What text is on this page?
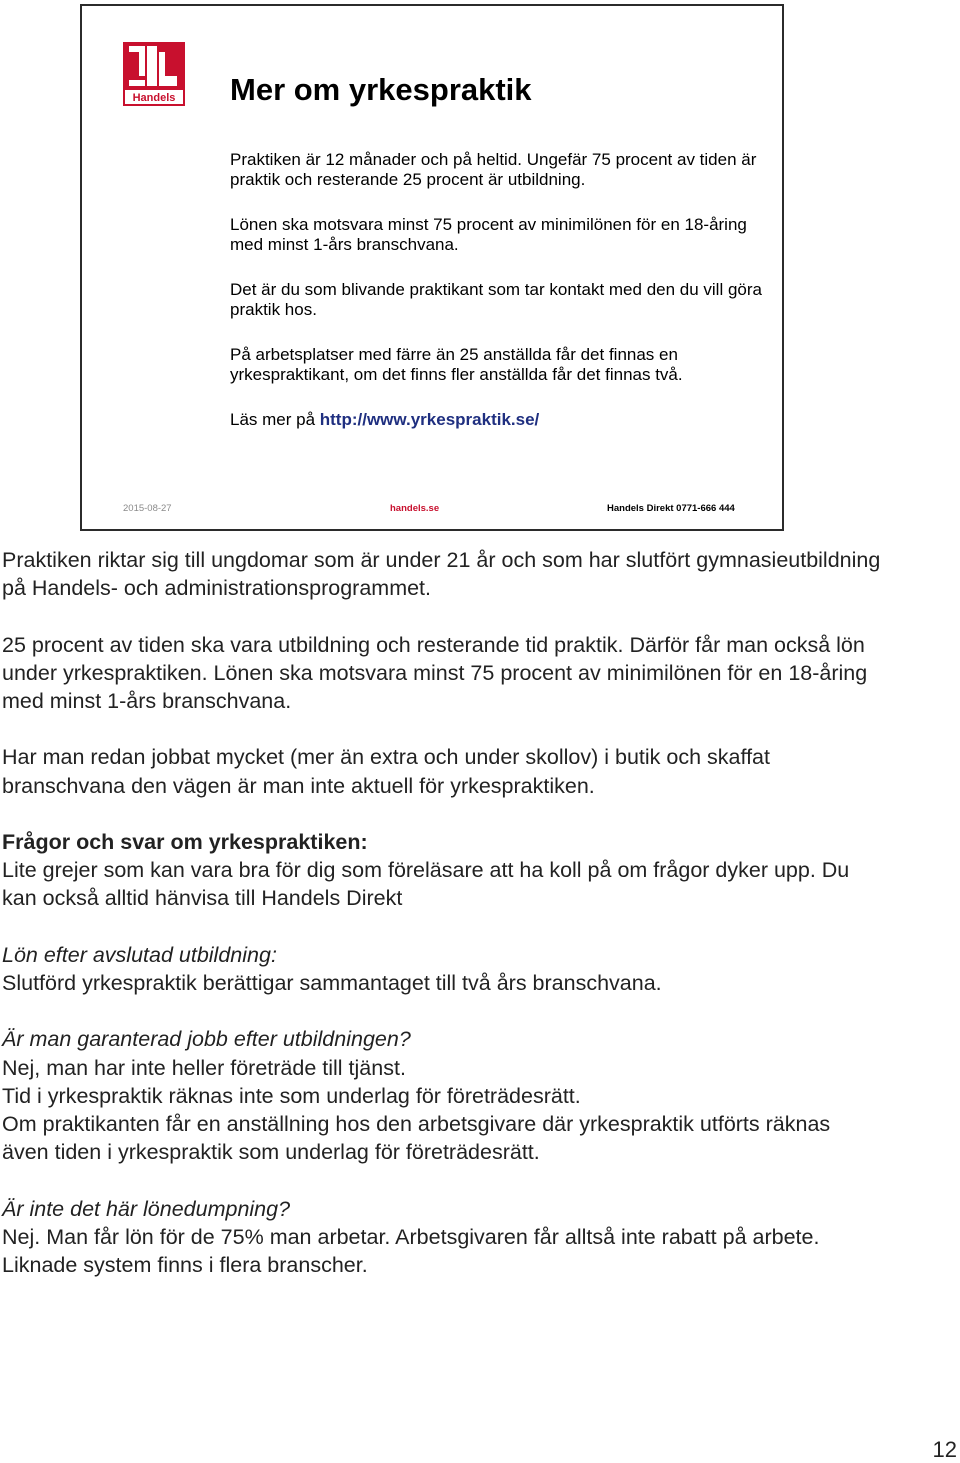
Handels Mer om yrkespraktik

Praktiken är 12 månader och på heltid. Ungefär 75 procent av tiden är praktik och resterande 25 procent är utbildning.

Lönen ska motsvara minst 75 procent av minimilönen för en 18-åring med minst 1-års branschvana.

Det är du som blivande praktikant som tar kontakt med den du vill göra praktik hos.

På arbetsplatser med färre än 25 anställda får det finnas en yrkespraktikant, om det finns fler anställda får det finnas två.

Läs mer på http://www.yrkespraktik.se/

2015-08-27	handels.se	Handels Direkt 0771-666 444

Praktiken riktar sig till ungdomar som är under 21 år och som har slutfört gymnasieutbildning på Handels- och administrationsprogrammet.

25 procent av tiden ska vara utbildning och resterande tid praktik. Därför får man också lön under yrkespraktiken. Lönen ska motsvara minst 75 procent av minimilönen för en 18-åring med minst 1-års branschvana.

Har man redan jobbat mycket (mer än extra och under skollov) i butik och skaffat branschvana den vägen är man inte aktuell för yrkespraktiken.

Frågor och svar om yrkespraktiken:
Lite grejer som kan vara bra för dig som föreläsare att ha koll på om frågor dyker upp. Du kan också alltid hänvisa till Handels Direkt

Lön efter avslutad utbildning:
Slutförd yrkespraktik berättigar sammantaget till två års branschvana.

Är man garanterad jobb efter utbildningen?
Nej, man har inte heller företräde till tjänst.
Tid i yrkespraktik räknas inte som underlag för företrädesrätt.
Om praktikanten får en anställning hos den arbetsgivare där yrkespraktik utförts räknas även tiden i yrkespraktik som underlag för företrädesrätt.

Är inte det här lönedumpning?
Nej. Man får lön för de 75% man arbetar. Arbetsgivaren får alltså inte rabatt på arbete. Liknade system finns i flera branscher.

12
